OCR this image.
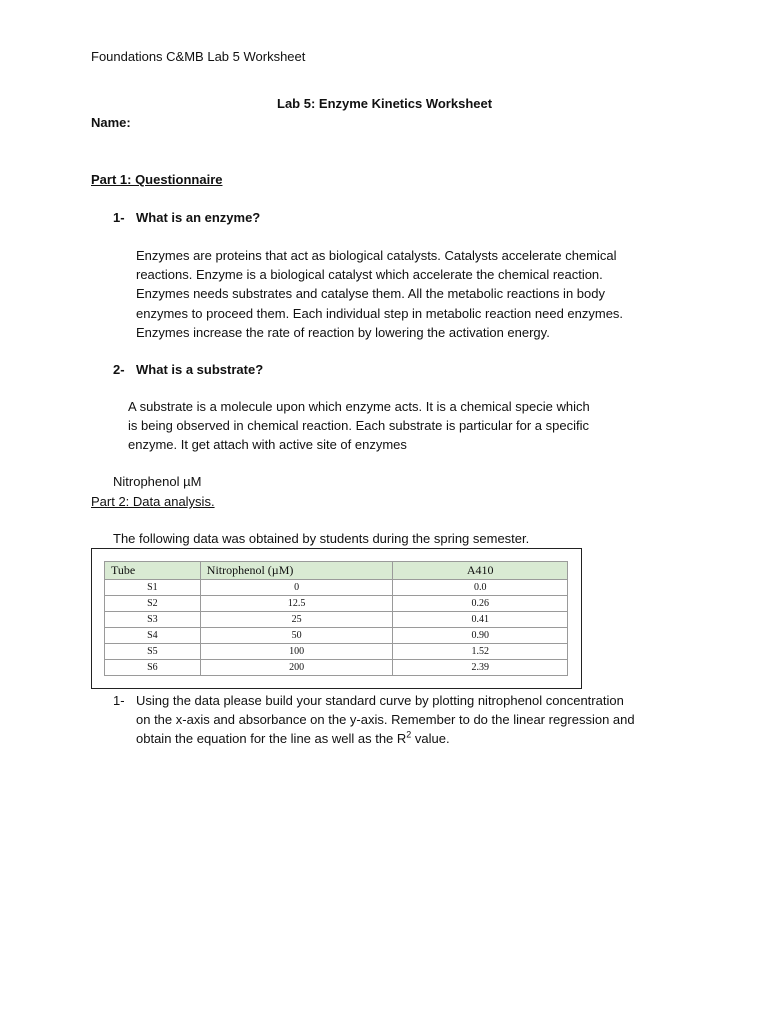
Foundations C&MB Lab 5 Worksheet
Lab 5: Enzyme Kinetics Worksheet
Name:
Part 1: Questionnaire
1- What is an enzyme?
Enzymes are proteins that act as biological catalysts. Catalysts accelerate chemical
reactions. Enzyme is a biological catalyst which accelerate the chemical reaction.
Enzymes needs substrates and catalyse them. All the metabolic reactions in body
enzymes to proceed them. Each individual step in metabolic reaction need enzymes.
Enzymes increase the rate of reaction by lowering the activation energy.
2- What is a substrate?
A substrate is a molecule upon which enzyme acts. It is a chemical specie which
is being observed in chemical reaction. Each substrate is particular for a specific
enzyme. It get attach with active site of enzymes
Nitrophenol µM
Part 2: Data analysis.
The following data was obtained by students during the spring semester.
Tube	Nitrophenol (µM)	A410
S1	0	0.0
S2	12.5	0.26
S3	25	0.41
S4	50	0.90
S5	100	1.52
S6	200	2.39
1- Using the data please build your standard curve by plotting nitrophenol concentration
on the x-axis and absorbance on the y-axis. Remember to do the linear regression and
obtain the equation for the line as well as the $R^2$ value.
